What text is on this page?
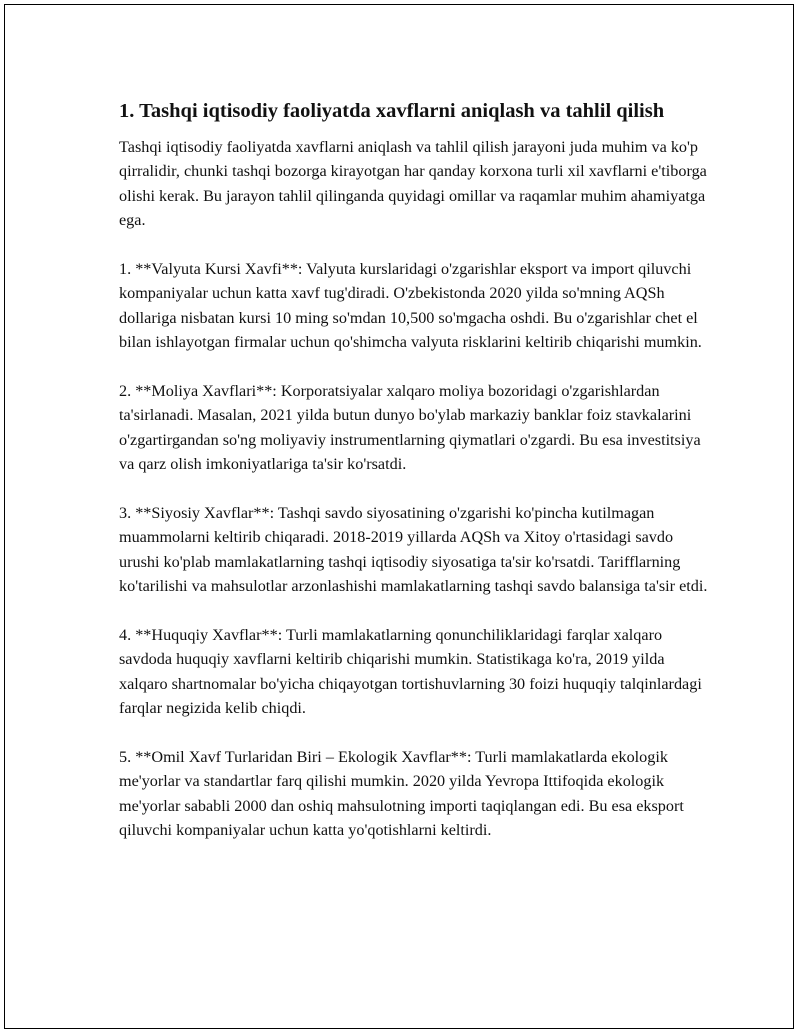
1. Tashqi iqtisodiy faoliyatda xavflarni aniqlash va tahlil qilish

Tashqi iqtisodiy faoliyatda xavflarni aniqlash va tahlil qilish jarayoni juda muhim va ko'p qirralidir, chunki tashqi bozorga kirayotgan har qanday korxona turli xil xavflarni e'tiborga olishi kerak. Bu jarayon tahlil qilinganda quyidagi omillar va raqamlar muhim ahamiyatga ega.

1. **Valyuta Kursi Xavfi**: Valyuta kurslaridagi o'zgarishlar eksport va import qiluvchi kompaniyalar uchun katta xavf tug'diradi. O'zbekistonda 2020 yilda so'mning AQSh dollariga nisbatan kursi 10 ming so'mdan 10,500 so'mgacha oshdi. Bu o'zgarishlar chet el bilan ishlayotgan firmalar uchun qo'shimcha valyuta risklarini keltirib chiqarishi mumkin.

2. **Moliya Xavflari**: Korporatsiyalar xalqaro moliya bozoridagi o'zgarishlardan ta'sirlanadi. Masalan, 2021 yilda butun dunyo bo'ylab markaziy banklar foiz stavkalarini o'zgartirgandan so'ng moliyaviy instrumentlarning qiymatlari o'zgardi. Bu esa investitsiya va qarz olish imkoniyatlariga ta'sir ko'rsatdi.

3. **Siyosiy Xavflar**: Tashqi savdo siyosatining o'zgarishi ko'pincha kutilmagan muammolarni keltirib chiqaradi. 2018-2019 yillarda AQSh va Xitoy o'rtasidagi savdo urushi ko'plab mamlakatlarning tashqi iqtisodiy siyosatiga ta'sir ko'rsatdi. Tarifflarning ko'tarilishi va mahsulotlar arzonlashishi mamlakatlarning tashqi savdo balansiga ta'sir etdi.

4. **Huquqiy Xavflar**: Turli mamlakatlarning qonunchiliklaridagi farqlar xalqaro savdoda huquqiy xavflarni keltirib chiqarishi mumkin. Statistikaga ko'ra, 2019 yilda xalqaro shartnomalar bo'yicha chiqayotgan tortishuvlarning 30 foizi huquqiy talqinlardagi farqlar negizida kelib chiqdi.

5. **Omil Xavf Turlaridan Biri – Ekologik Xavflar**: Turli mamlakatlarda ekologik me'yorlar va standartlar farq qilishi mumkin. 2020 yilda Yevropa Ittifoqida ekologik me'yorlar sababli 2000 dan oshiq mahsulotning importi taqiqlangan edi. Bu esa eksport qiluvchi kompaniyalar uchun katta yo'qotishlarni keltirdi.
